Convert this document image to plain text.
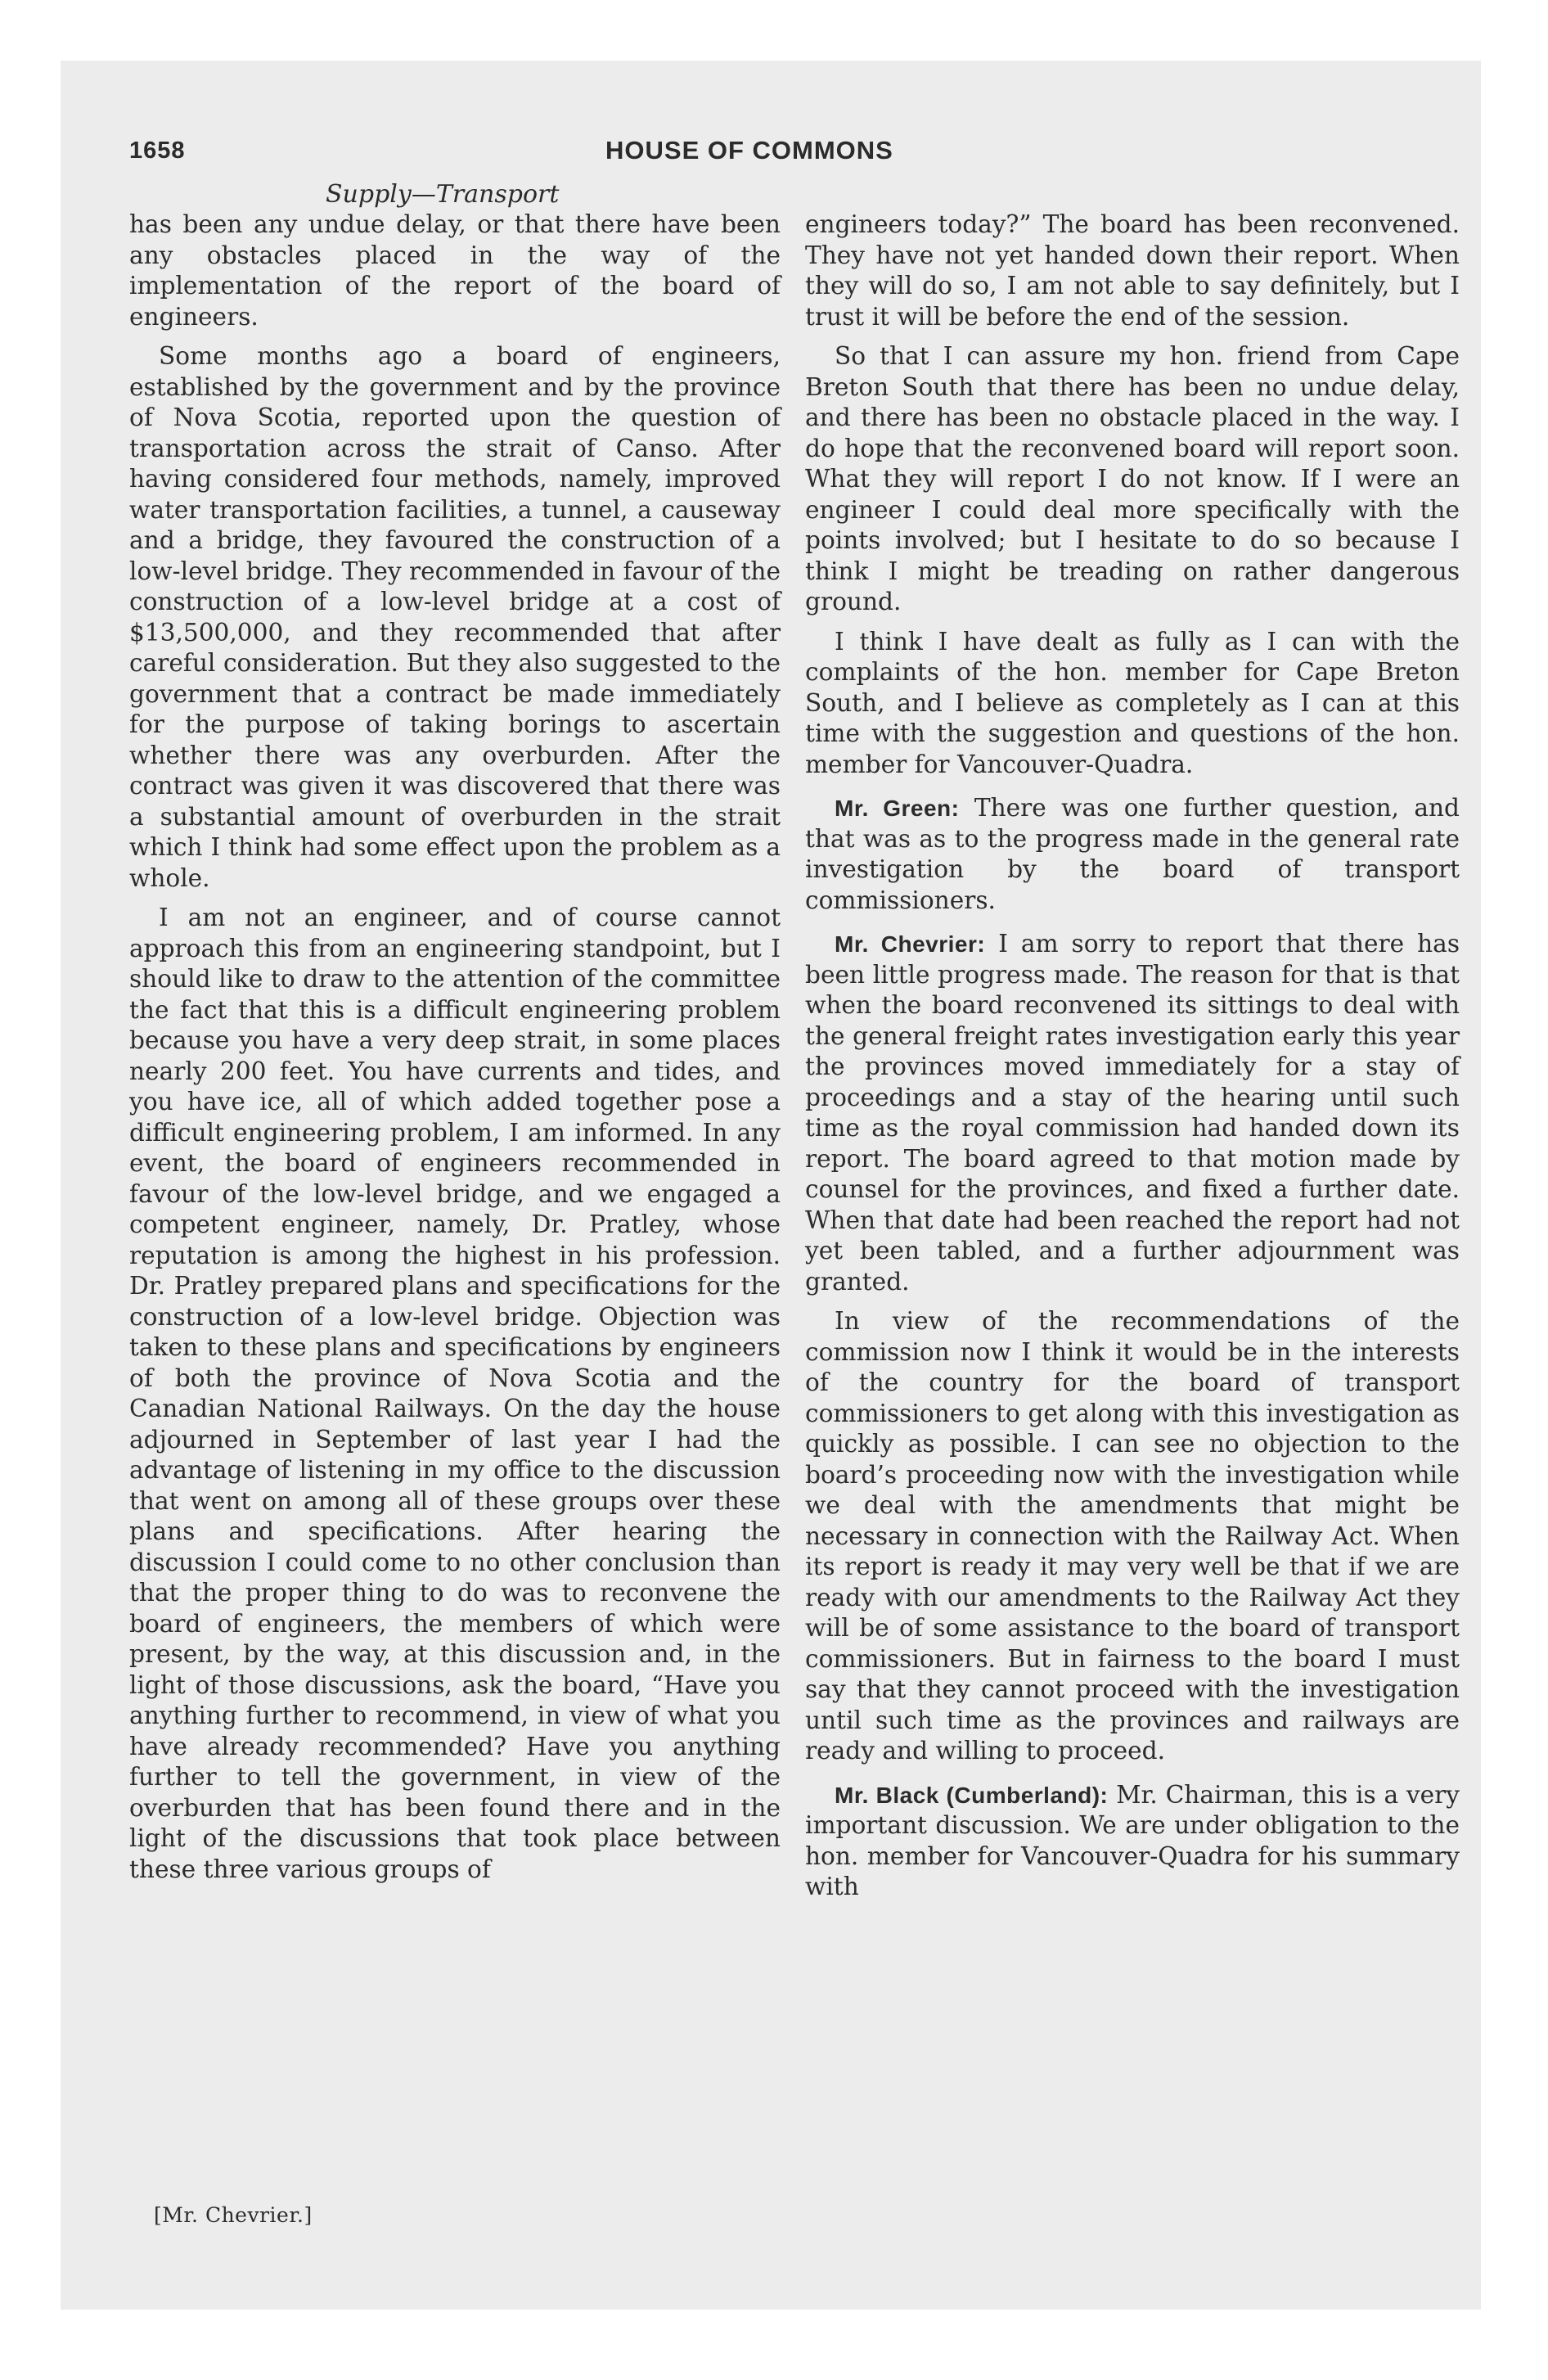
1658	HOUSE OF COMMONS
Supply—Transport

has been any undue delay, or that there have been any obstacles placed in the way of the implementation of the report of the board of engineers.

Some months ago a board of engineers, established by the government and by the province of Nova Scotia, reported upon the question of transportation across the strait of Canso. After having considered four methods, namely, improved water transportation facilities, a tunnel, a causeway and a bridge, they favoured the construction of a low-level bridge. They recommended in favour of the construction of a low-level bridge at a cost of $13,500,000, and they recommended that after careful consideration. But they also suggested to the government that a contract be made immediately for the purpose of taking borings to ascertain whether there was any overburden. After the contract was given it was discovered that there was a substantial amount of overburden in the strait which I think had some effect upon the problem as a whole.

I am not an engineer, and of course cannot approach this from an engineering standpoint, but I should like to draw to the attention of the committee the fact that this is a difficult engineering problem because you have a very deep strait, in some places nearly 200 feet. You have currents and tides, and you have ice, all of which added together pose a difficult engineering problem, I am informed. In any event, the board of engineers recommended in favour of the low-level bridge, and we engaged a competent engineer, namely, Dr. Pratley, whose reputation is among the highest in his profession. Dr. Pratley prepared plans and specifications for the construction of a low-level bridge. Objection was taken to these plans and specifications by engineers of both the province of Nova Scotia and the Canadian National Railways. On the day the house adjourned in September of last year I had the advantage of listening in my office to the discussion that went on among all of these groups over these plans and specifications. After hearing the discussion I could come to no other conclusion than that the proper thing to do was to reconvene the board of engineers, the members of which were present, by the way, at this discussion and, in the light of those discussions, ask the board, “Have you anything further to recommend, in view of what you have already recommended? Have you anything further to tell the government, in view of the overburden that has been found there and in the light of the discussions that took place between these three various groups of

engineers today?” The board has been reconvened. They have not yet handed down their report. When they will do so, I am not able to say definitely, but I trust it will be before the end of the session.

So that I can assure my hon. friend from Cape Breton South that there has been no undue delay, and there has been no obstacle placed in the way. I do hope that the reconvened board will report soon. What they will report I do not know. If I were an engineer I could deal more specifically with the points involved; but I hesitate to do so because I think I might be treading on rather dangerous ground.

I think I have dealt as fully as I can with the complaints of the hon. member for Cape Breton South, and I believe as completely as I can at this time with the suggestion and questions of the hon. member for Vancouver-Quadra.

Mr. Green: There was one further question, and that was as to the progress made in the general rate investigation by the board of transport commissioners.

Mr. Chevrier: I am sorry to report that there has been little progress made. The reason for that is that when the board reconvened its sittings to deal with the general freight rates investigation early this year the provinces moved immediately for a stay of proceedings and a stay of the hearing until such time as the royal commission had handed down its report. The board agreed to that motion made by counsel for the provinces, and fixed a further date. When that date had been reached the report had not yet been tabled, and a further adjournment was granted.

In view of the recommendations of the commission now I think it would be in the interests of the country for the board of transport commissioners to get along with this investigation as quickly as possible. I can see no objection to the board’s proceeding now with the investigation while we deal with the amendments that might be necessary in connection with the Railway Act. When its report is ready it may very well be that if we are ready with our amendments to the Railway Act they will be of some assistance to the board of transport commissioners. But in fairness to the board I must say that they cannot proceed with the investigation until such time as the provinces and railways are ready and willing to proceed.

Mr. Black (Cumberland): Mr. Chairman, this is a very important discussion. We are under obligation to the hon. member for Vancouver-Quadra for his summary with

[Mr. Chevrier.]
